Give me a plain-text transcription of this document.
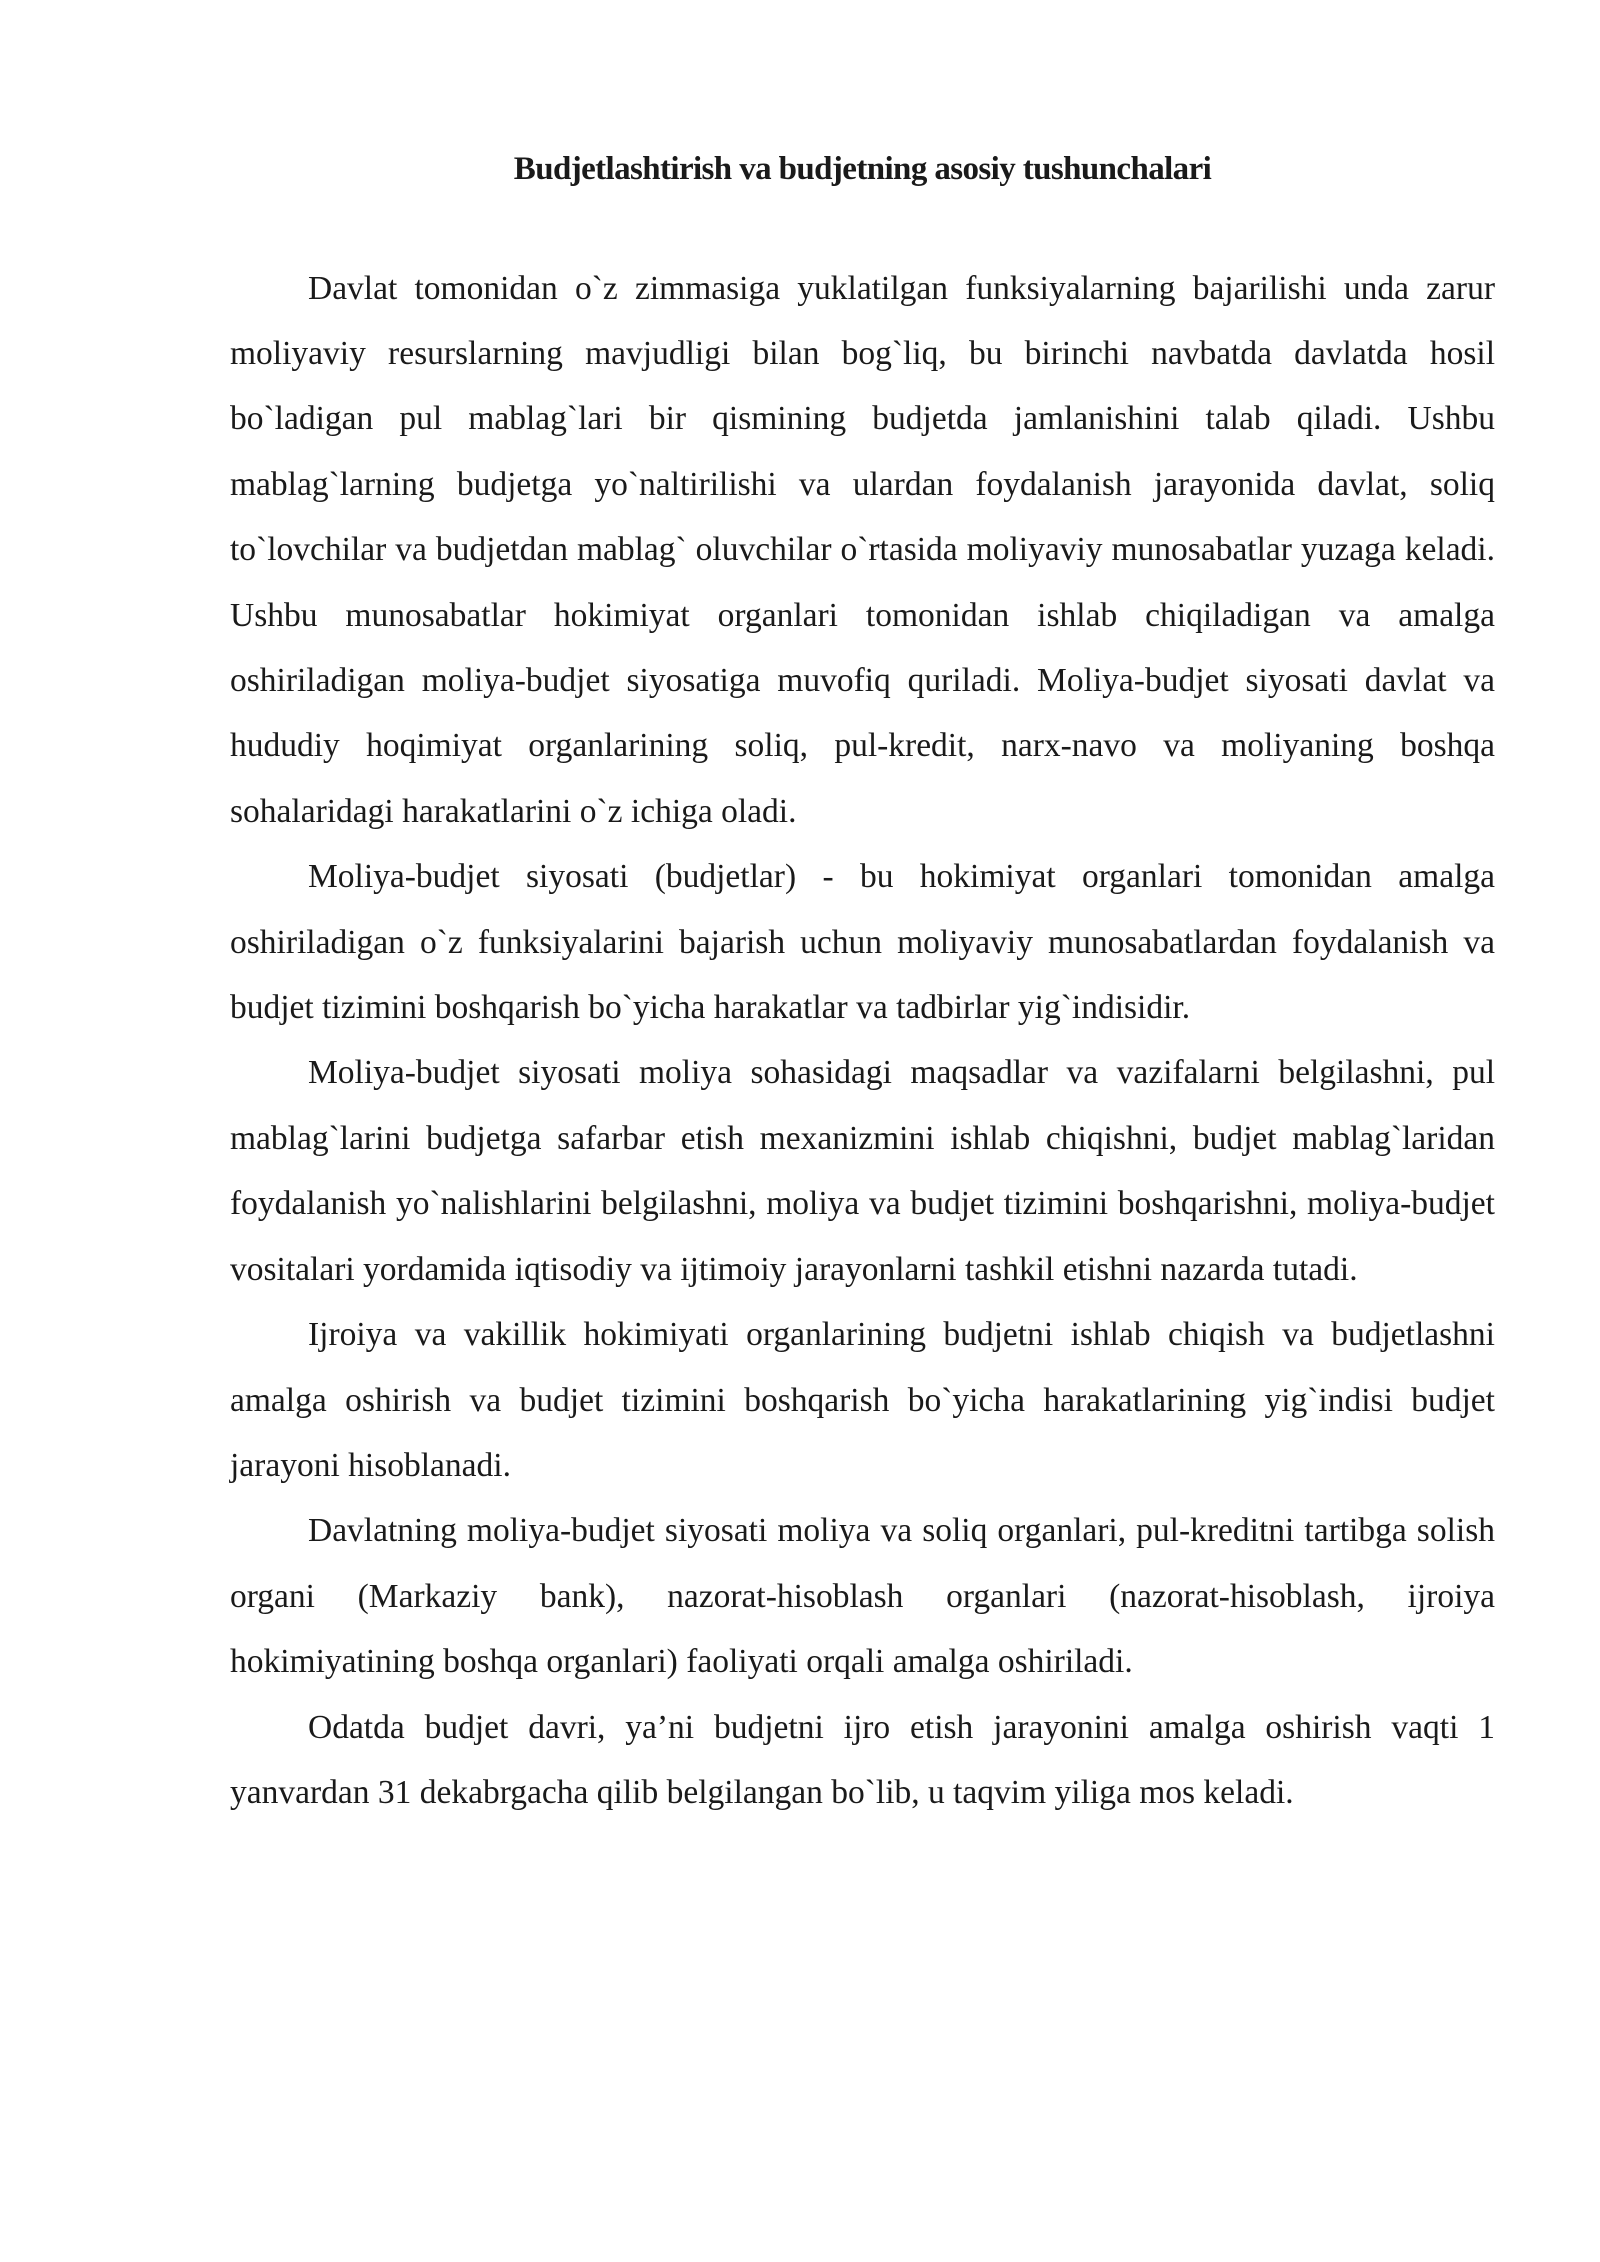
Budjetlashtirish va budjetning asosiy tushunchalari

Davlat tomonidan o`z zimmasiga yuklatilgan funksiyalarning bajarilishi unda zarur moliyaviy resurslarning mavjudligi bilan bog`liq, bu birinchi navbatda davlatda hosil bo`ladigan pul mablag`lari bir qismining budjetda jamlanishini talab qiladi. Ushbu mablag`larning budjetga yo`naltirilishi va ulardan foydalanish jarayonida davlat, soliq to`lovchilar va budjetdan mablag` oluvchilar o`rtasida moliyaviy munosabatlar yuzaga keladi. Ushbu munosabatlar hokimiyat organlari tomonidan ishlab chiqiladigan va amalga oshiriladigan moliya-budjet siyosatiga muvofiq quriladi. Moliya-budjet siyosati davlat va hududiy hoqimiyat organlarining soliq, pul-kredit, narx-navo va moliyaning boshqa sohalaridagi harakatlarini o`z ichiga oladi.

Moliya-budjet siyosati (budjetlar) - bu hokimiyat organlari tomonidan amalga oshiriladigan o`z funksiyalarini bajarish uchun moliyaviy munosabatlardan foydalanish va budjet tizimini boshqarish bo`yicha harakatlar va tadbirlar yig`indisidir.

Moliya-budjet siyosati moliya sohasidagi maqsadlar va vazifalarni belgilashni, pul mablag`larini budjetga safarbar etish mexanizmini ishlab chiqishni, budjet mablag`laridan foydalanish yo`nalishlarini belgilashni, moliya va budjet tizimini boshqarishni, moliya-budjet vositalari yordamida iqtisodiy va ijtimoiy jarayonlarni tashkil etishni nazarda tutadi.

Ijroiya va vakillik hokimiyati organlarining budjetni ishlab chiqish va budjetlashni amalga oshirish va budjet tizimini boshqarish bo`yicha harakatlarining yig`indisi budjet jarayoni hisoblanadi.

Davlatning moliya-budjet siyosati moliya va soliq organlari, pul-kreditni tartibga solish organi (Markaziy bank), nazorat-hisoblash organlari (nazorat-hisoblash, ijroiya hokimiyatining boshqa organlari) faoliyati orqali amalga oshiriladi.

Odatda budjet davri, ya’ni budjetni ijro etish jarayonini amalga oshirish vaqti 1 yanvardan 31 dekabrgacha qilib belgilangan bo`lib, u taqvim yiliga mos keladi.
